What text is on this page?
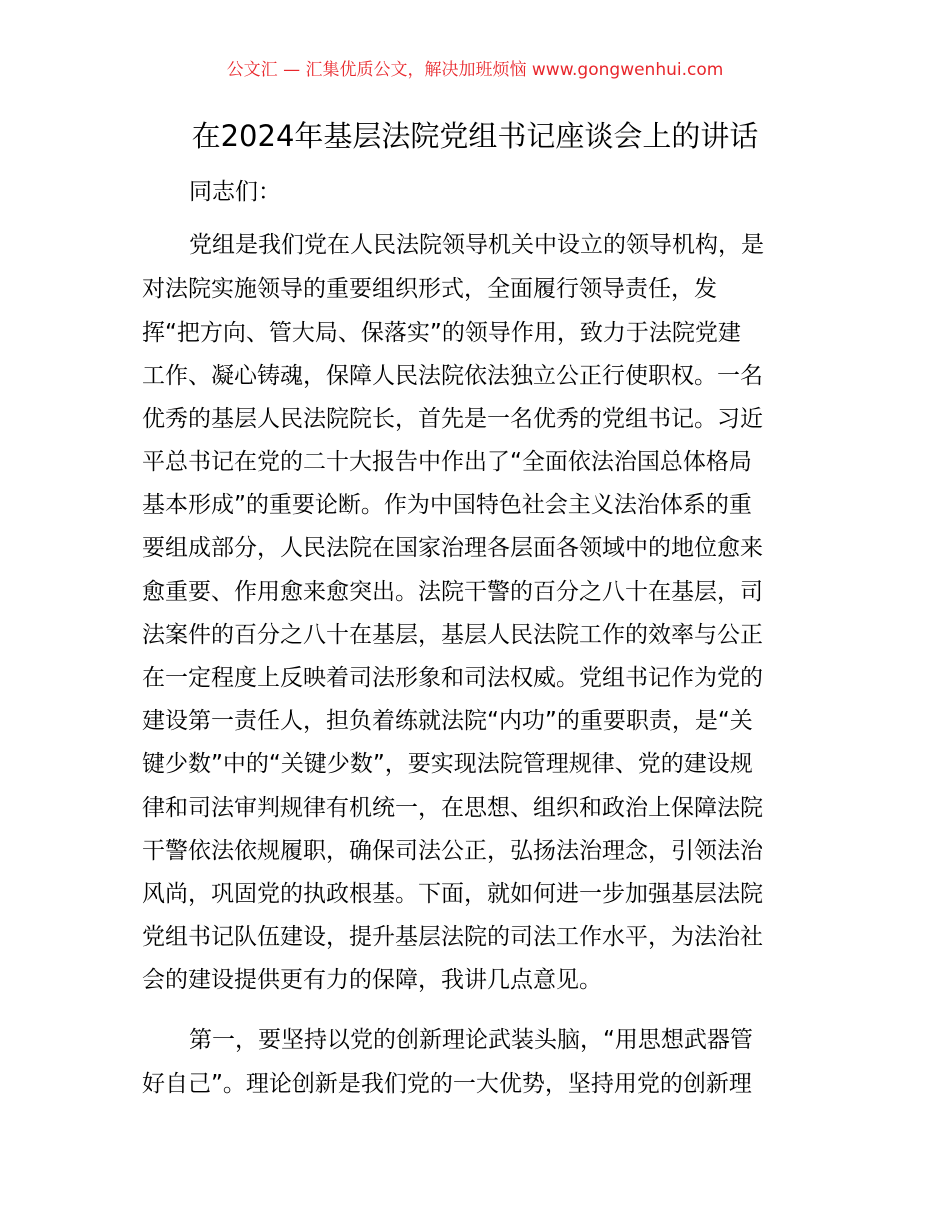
公文汇 — 汇集优质公文，解决加班烦恼 www.gongwenhui.com
在2024年基层法院党组书记座谈会上的讲话
同志们：
党组是我们党在人民法院领导机关中设立的领导机构，是
对法院实施领导的重要组织形式，全面履行领导责任，发
挥“把方向、管大局、保落实”的领导作用，致力于法院党建
工作、凝心铸魂，保障人民法院依法独立公正行使职权。一名
优秀的基层人民法院院长，首先是一名优秀的党组书记。习近
平总书记在党的二十大报告中作出了“全面依法治国总体格局
基本形成”的重要论断。作为中国特色社会主义法治体系的重
要组成部分，人民法院在国家治理各层面各领域中的地位愈来
愈重要、作用愈来愈突出。法院干警的百分之八十在基层，司
法案件的百分之八十在基层，基层人民法院工作的效率与公正
在一定程度上反映着司法形象和司法权威。党组书记作为党的
建设第一责任人，担负着练就法院“内功”的重要职责，是“关
键少数”中的“关键少数”，要实现法院管理规律、党的建设规
律和司法审判规律有机统一，在思想、组织和政治上保障法院
干警依法依规履职，确保司法公正，弘扬法治理念，引领法治
风尚，巩固党的执政根基。下面，就如何进一步加强基层法院
党组书记队伍建设，提升基层法院的司法工作水平，为法治社
会的建设提供更有力的保障，我讲几点意见。
第一，要坚持以党的创新理论武装头脑，“用思想武器管
好自己”。理论创新是我们党的一大优势，坚持用党的创新理
